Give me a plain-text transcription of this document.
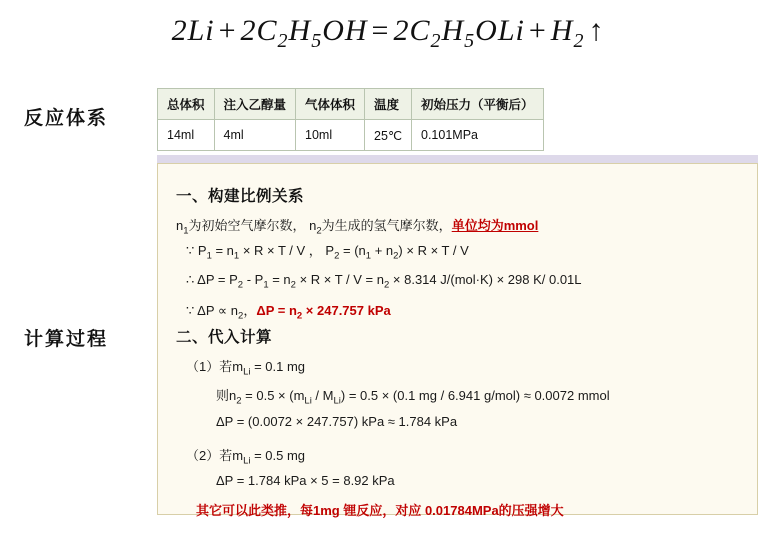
$2Li + 2C_2H_5OH = 2C_2H_5OLi + H_2$ ↑
反应体系
计算过程
总体积	注入乙醇量	气体体积	温度	初始压力（平衡后）
14ml	4ml	10ml	25℃	0.101MPa
一、构建比例关系
$n_1$为初始空气摩尔数， $n_2$为生成的氢气摩尔数，单位均为mmol
∵ $P_1 = n_1 \times R \times T / V$ ， $P_2 = (n_1 + n_2) \times R \times T / V$
∴ $\Delta P = P_2 - P_1 = n_2 \times R \times T / V = n_2 \times 8.314$ J/(mol·K) × 298 K/ 0.01L
∵ $\Delta P \propto n_2$，$\Delta P = n_2 \times 247.757$ kPa
二、代入计算
（1）若$m_{Li} = 0.1$ mg
则$n_2 = 0.5 \times (m_{Li} / M_{Li}) = 0.5 \times (0.1$ mg / 6.941 g/mol) ≈ 0.0072 mmol
ΔP = (0.0072 × 247.757) kPa ≈ 1.784 kPa
（2）若$m_{Li} = 0.5$ mg
ΔP = 1.784 kPa × 5 = 8.92 kPa
其它可以此类推，每1mg 锂反应，对应 0.01784MPa的压强增大
